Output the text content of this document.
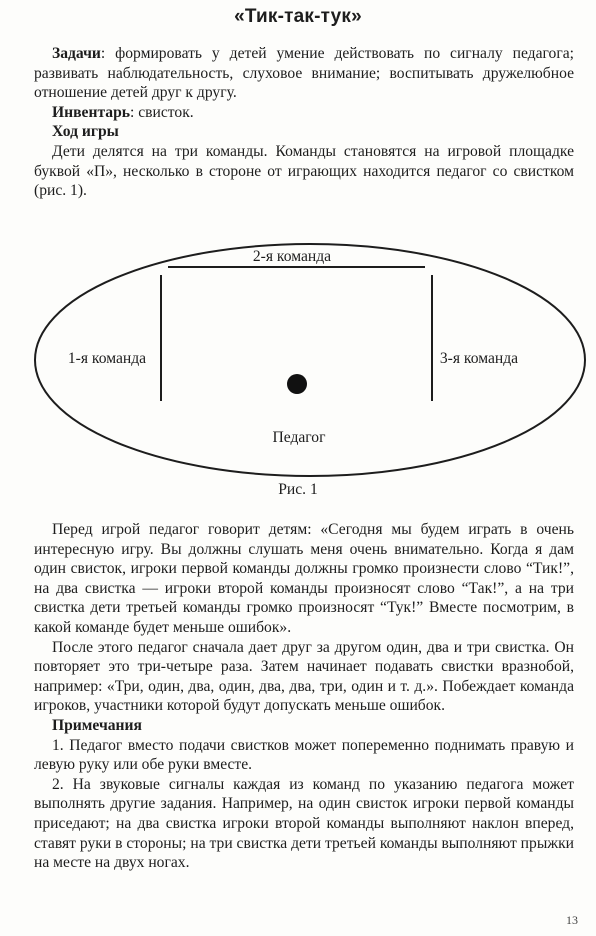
«Тик-так-тук»

Задачи: формировать у детей умение действовать по сигналу педагога; развивать наблюдательность, слуховое внимание; воспитывать дружелюбное отношение детей друг к другу.

Инвентарь: свисток.

Ход игры

Дети делятся на три команды. Команды становятся на игровой площадке буквой «П», несколько в стороне от играющих находится педагог со свистком (рис. 1).

2-я команда
1-я команда	3-я команда
Педагог
Рис. 1

Перед игрой педагог говорит детям: «Сегодня мы будем играть в очень интересную игру. Вы должны слушать меня очень внимательно. Когда я дам один свисток, игроки первой команды должны громко произнести слово “Тик!”, на два свистка — игроки второй команды произносят слово “Так!”, а на три свистка дети третьей команды громко произносят “Тук!” Вместе посмотрим, в какой команде будет меньше ошибок».

После этого педагог сначала дает друг за другом один, два и три свистка. Он повторяет это три-четыре раза. Затем начинает подавать свистки вразнобой, например: «Три, один, два, один, два, два, три, один и т. д.». Побеждает команда игроков, участники которой будут допускать меньше ошибок.

Примечания

1. Педагог вместо подачи свистков может попеременно поднимать правую и левую руку или обе руки вместе.

2. На звуковые сигналы каждая из команд по указанию педагога может выполнять другие задания. Например, на один свисток игроки первой команды приседают; на два свистка игроки второй команды выполняют наклон вперед, ставят руки в стороны; на три свистка дети третьей команды выполняют прыжки на месте на двух ногах.

13
